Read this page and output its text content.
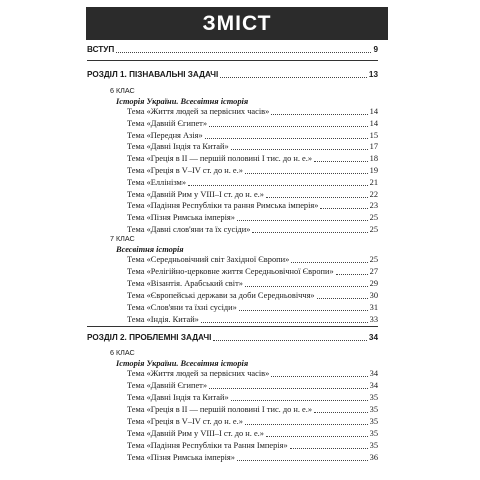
ЗМІСТ
ВСТУП	9
РОЗДІЛ 1. ПІЗНАВАЛЬНІ ЗАДАЧІ	13
6 КЛАС
Історія України. Всесвітня історія
Тема «Життя людей за первісних часів»	14
Тема «Давній Єгипет»	14
Тема «Передня Азія»	15
Тема «Давні Індія та Китай»	17
Тема «Греція в ІІ — першій половині І тис. до н. е.»	18
Тема «Греція в V–IV ст. до н. е.»	19
Тема «Еллінізм»	21
Тема «Давній Рим у VIII–I ст. до н. е.»	22
Тема «Падіння Республіки та рання Римська імперія»	23
Тема «Пізня Римська імперія»	25
Тема «Давні слов'яни та їх сусіди»	25
7 КЛАС
Всесвітня історія
Тема «Середньовічний світ Західної Європи»	25
Тема «Релігійно-церковне життя Середньовічної Європи»	27
Тема «Візантія. Арабський світ»	29
Тема «Європейські держави за доби Середньовіччя»	30
Тема «Слов'яни та їхні сусіди»	31
Тема «Індія. Китай»	33
РОЗДІЛ 2. ПРОБЛЕМНІ ЗАДАЧІ	34
6 КЛАС
Історія України. Всесвітня історія
Тема «Життя людей за первісних часів»	34
Тема «Давній Єгипет»	34
Тема «Давні Індія та Китай»	35
Тема «Греція в ІІ — першій половині І тис. до н. е.»	35
Тема «Греція в V–IV ст. до н. е.»	35
Тема «Давній Рим у VIII–I ст. до н. е.»	35
Тема «Падіння Республіки та Рання Імперія»	35
Тема «Пізня Римська імперія»	36
